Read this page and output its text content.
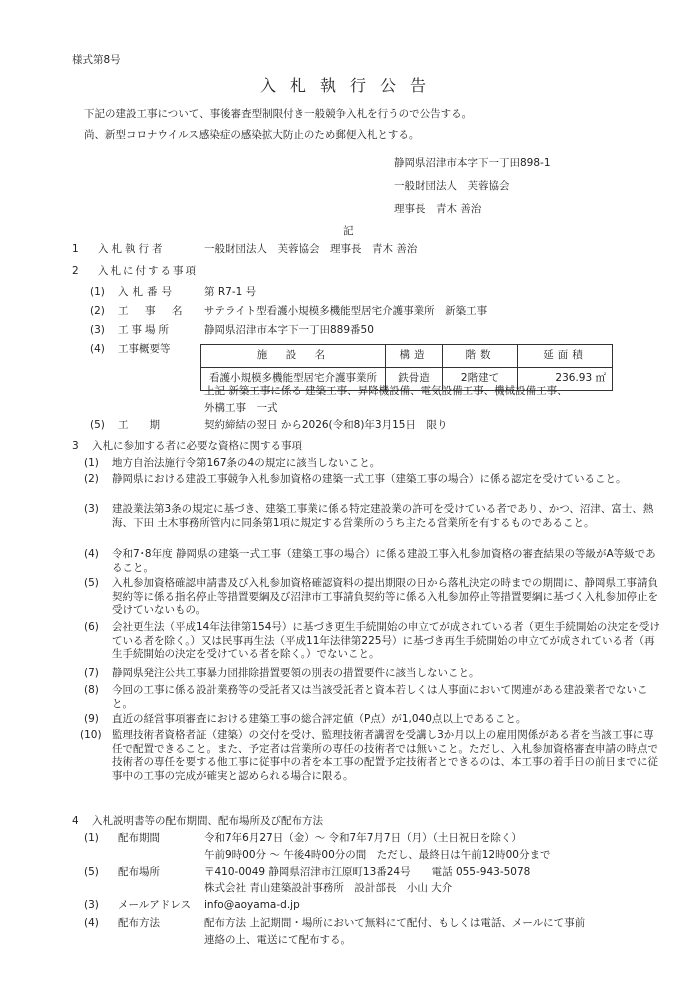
様式第8号
入札執行公告
下記の建設工事について、事後審査型制限付き一般競争入札を行うので公告する。
尚、新型コロナウイルス感染症の感染拡大防止のため郵便入札とする。
静岡県沼津市本字下一丁田898-1
一般財団法人　芙蓉協会
理事長　青木 善治
記
1 入札執行者	一般財団法人　芙蓉協会　理事長　青木 善治
2 入札に付する事項
(1) 入札番号	第 R7-1 号
(2) 工　事　名 サテライト型看護小規模多機能型居宅介護事業所　新築工事
(3) 工事場所	静岡県沼津市本字下一丁田889番50
(4) 工事概要等
施　設　名	構造	階数	延面積
看護小規模多機能型居宅介護事業所	鉄骨造	2階建て	236.93 ㎡
上記 新築工事に係る 建築工事、昇降機設備、電気設備工事、機械設備工事、
外構工事　一式
(5) 工　　期	契約締結の翌日 から2026(令和8)年3月15日　限り
3 入札に参加する者に必要な資格に関する事項
(1) 地方自治法施行令第167条の4の規定に該当しないこと。
(2) 静岡県における建設工事競争入札参加資格の建築一式工事（建築工事の場合）に係る認定を受けていること。
(3) 建設業法第3条の規定に基づき、建築工事業に係る特定建設業の許可を受けている者であり、かつ、沼津、富士、熱海、下田 土木事務所管内に同条第1項に規定する営業所のうち主たる営業所を有するものであること。
(4) 令和7･8年度 静岡県の建築一式工事（建築工事の場合）に係る建設工事入札参加資格の審査結果の等級がA等級であること。
(5) 入札参加資格確認申請書及び入札参加資格確認資料の提出期限の日から落札決定の時までの期間に、静岡県工事請負契約等に係る指名停止等措置要綱及び沼津市工事請負契約等に係る入札参加停止等措置要綱に基づく入札参加停止を受けていないもの。
(6) 会社更生法（平成14年法律第154号）に基づき更生手続開始の申立てが成されている者（更生手続開始の決定を受けている者を除く。）又は民事再生法（平成11年法律第225号）に基づき再生手続開始の申立てが成されている者（再生手続開始の決定を受けている者を除く。）でないこと。
(7) 静岡県発注公共工事暴力団排除措置要領の別表の措置要件に該当しないこと。
(8) 今回の工事に係る設計業務等の受託者又は当該受託者と資本若しくは人事面において関連がある建設業者でないこと。
(9) 直近の経営事項審査における建築工事の総合評定値（P点）が1,040点以上であること。
(10) 監理技術者資格者証（建築）の交付を受け、監理技術者講習を受講し3か月以上の雇用関係がある者を当該工事に専任で配置できること。また、予定者は営業所の専任の技術者では無いこと。ただし、入札参加資格審査申請の時点で技術者の専任を要する他工事に従事中の者を本工事の配置予定技術者とできるのは、本工事の着手日の前日までに従事中の工事の完成が確実と認められる場合に限る。
4 入札説明書等の配布期間、配布場所及び配布方法
(1) 配布期間	令和7年6月27日（金）～ 令和7年7月7日（月）（土日祝日を除く）
午前9時00分 ～ 午後4時00分の間　ただし、最終日は午前12時00分まで
(5) 配布場所	〒410-0049 静岡県沼津市江原町13番24号　　電話 055-943-5078
株式会社 青山建築設計事務所　設計部長　小山 大介
(3) メールアドレス info@aoyama-d.jp
(4) 配布方法	配布方法 上記期間・場所において無料にて配付、もしくは電話、メールにて事前
連絡の上、電送にて配布する。
